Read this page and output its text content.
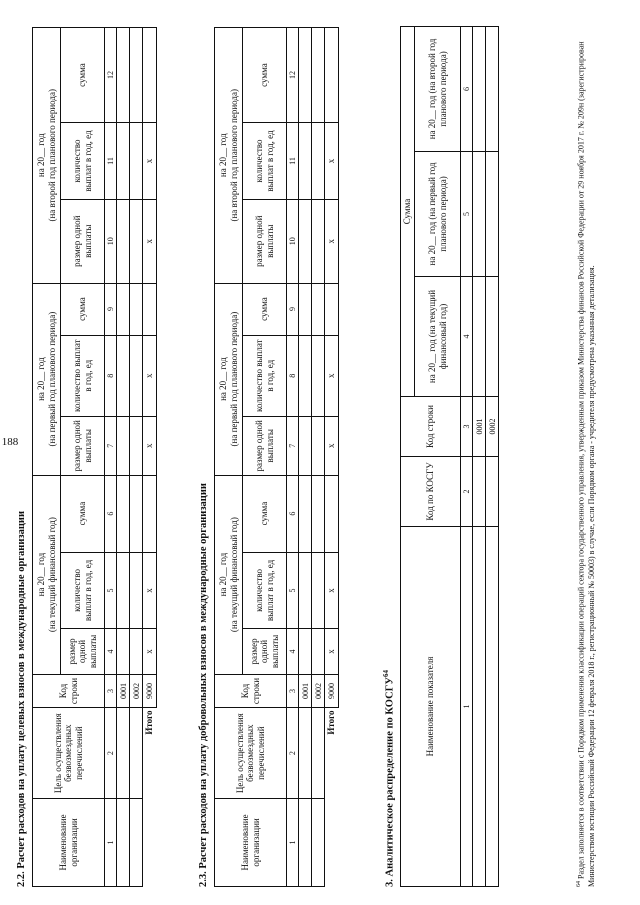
188
2.2. Расчет расходов на уплату целевых взносов в международные организации	Наименование организации	Цель осуществления безвозмездных перечислений	Код строки	на 20__ год
(на текущий финансовый год)			на 20__ год
(на первый год планового периода)			на 20__ год
(на второй год планового периода)		
			размер одной выплаты	количество выплат в год, ед	сумма	размер одной выплаты	количество выплат в год, ед	сумма	размер одной выплаты	количество выплат в год, ед	сумма

1	2	3	4	5	6	7	8	9	10	11	12
		0001									
		0002									
	Итого	9000	x	x		x	x		x	x	
2.3. Расчет расходов на уплату добровольных взносов в международные организации	Наименование организации	Цель осуществления безвозмездных перечислений	Код строки	на 20__ год
(на текущий финансовый год)			на 20__ год
(на первый год планового периода)			на 20__ год
(на второй год планового периода)		
			размер одной выплаты	количество выплат в год, ед	сумма	размер одной выплаты	количество выплат в год, ед	сумма	размер одной выплаты	количество выплат в год, ед	сумма

1	2	3	4	5	6	7	8	9	10	11	12
		0001									
		0002									
	Итого	9000	x	x		x	x		x	x	
3. Аналитическое распределение по КОСГУ$^{64}$	Наименование показателя	Код по КОСГУ	Код строки	Сумма		
			на 20__ год (на текущий финансовый год)	на 20__ год (на первый год планового периода)	на 20__ год (на второй год планового периода)
1	2	3	4	5	6
		0001			
		0002			
$^{64}$ Раздел заполняется в соответствии с Порядком применения классификации операций сектора государственного управления, утвержденным приказом Министерства финансов Российской Федерации от 29 ноября 2017 г. № 209н (зарегистрирован Министерством юстиции Российской Федерации 12 февраля 2018 г., регистрационный № 50003) в случае, если Порядком органа - учредителя предусмотрена указанная детализация.
